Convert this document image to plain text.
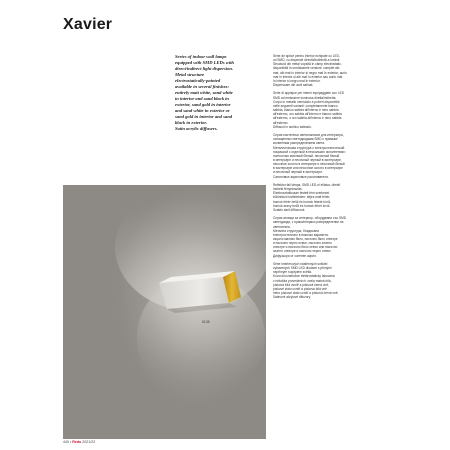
Xavier
Series of indoor wall lamps
equipped with SMD LEDs with
direct/indirect light dispersion.
Metal structure
electrostatically-painted
available in several finishes:
entirely matt white, sand white
in interior and sand black in
exterior, sand gold in interior
and sand white in exterior or
sand gold in interior and sand
black in exterior.
Satin acrylic diffusers.

Serie de aplice pentru interior echipate cu LED-
uri SMD, cu dispersie directă/indirectă a luminii.
Structură din metal vopsită în câmp electrostatic,
disponibilă în următoarele versiuni: complet alb
mat, alb mat în interior și negru mat în exterior, auriu
mat în interior și alb mat în exterior sau auriu mat
în interior și negru mat în exterior.
Dispersoare din acril satinat.

Serie di applique per interni equipaggiate con LED
SMD ad emissione luminosa diretta/indiretta.
Corpo in metallo verniciato a polveri disponibile
nelle seguenti varianti: completamente bianco
sabbia, bianco sabbia all'interno e nero sabbia
all'esterno, oro sabbia all'interno e bianco sabbia
all'esterno, o oro sabbia all'interno e nero sabbia
all'esterno.
Diffusori in acrilico satinato.

Серия настенных светильников для интерьера,
оснащенных светодиодами SMD с прямым/
косвенным распределением света.
Металлическая структура с электростатической
покраской с отделкой в нескольких исполнениях:
полностью матовый белый, песочный белый
в интерьере и песочный черный в экстерьере,
песочное золото в интерьере и песочный белый
в экстерьере или песочное золото в интерьере
и песочный черный в экстерьере.
Сатиновые акриловые рассеиватели.

Reflektor fali lámpa, SMD LED-el ellátva, direkt/
indirekt fényeloszlás.
Elektrosztatikusan festett fém szerkezet
különböző kivitelekben: teljes matt fehér,
homok fehér belül és homok fekete kívül,
homok arany belül és homok fehér kívül.
Szatén akril diffúzorok.

Серия аплици за интериор, оборудвани със SMD
светодиоди, с пряко/непряко разпределение на
светлината.
Метална структура, боядисана
електростатично в няколко варианта:
изцяло матово бяло, пясъчно бяло отвътре
и пясъчно черно отвън, пясъчно златно
отвътре и пясъчно бяло отвън или пясъчно
златно отвътре и пясъчно черно отвън.
Дифузьори от сатенен акрил.

Série interiérových nástěnných svítidel
vybavených SMD LED diodami s přímým/
nepřímým rozptylem světla.
Kovová konstrukce elektrostaticky lakovaná
v několika provedeních: zcela matná bílá,
písková bílá uvnitř a písková černá vně,
pískové zlato uvnitř a písková bílá vně
nebo pískové zlato uvnitř a písková černá vně.
Satinové akrylové difuzory.

8138
440 • Redo 2021/22
